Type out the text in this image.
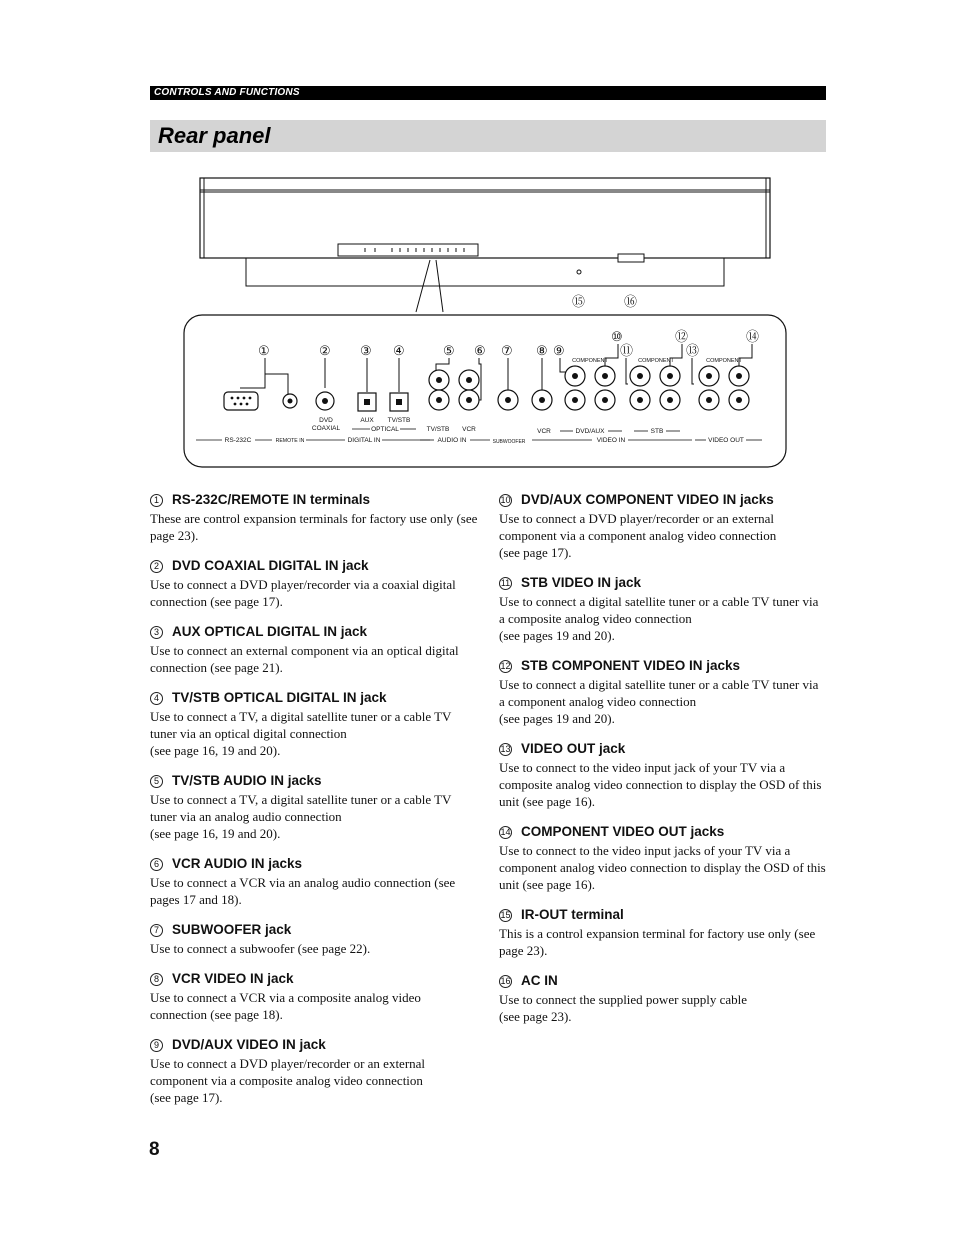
CONTROLS AND FUNCTIONS
Rear panel
⑮	⑯
①	② ③ ④	⑤ ⑥ ⑦ ⑧ ⑨
⑩
⑪
⑫
⑬
⑭
DVD
COAXIAL
AUX TV/STB
OPTICAL	TV/STB VCR	VCR	DVD/AUX	STB
COMPONENT	COMPONENT	COMPONENT
RS-232C	REMOTE IN	DIGITAL IN	AUDIO IN	SUBWOOFER	VIDEO IN	VIDEO OUT
1 RS-232C/REMOTE IN terminals

These are control expansion terminals for factory use only (see page 23).

2 DVD COAXIAL DIGITAL IN jack

Use to connect a DVD player/recorder via a coaxial digital connection (see page 17).

3 AUX OPTICAL DIGITAL IN jack

Use to connect an external component via an optical digital connection (see page 21).

4 TV/STB OPTICAL DIGITAL IN jack

Use to connect a TV, a digital satellite tuner or a cable TV tuner via an optical digital connection
(see page 16, 19 and 20).

5 TV/STB AUDIO IN jacks

Use to connect a TV, a digital satellite tuner or a cable TV tuner via an analog audio connection
(see page 16, 19 and 20).

6 VCR AUDIO IN jacks

Use to connect a VCR via an analog audio connection (see pages 17 and 18).

7 SUBWOOFER jack

Use to connect a subwoofer (see page 22).

8 VCR VIDEO IN jack

Use to connect a VCR via a composite analog video connection (see page 18).

9 DVD/AUX VIDEO IN jack

Use to connect a DVD player/recorder or an external component via a composite analog video connection
(see page 17).

10 DVD/AUX COMPONENT VIDEO IN jacks

Use to connect a DVD player/recorder or an external component via a component analog video connection
(see page 17).

11 STB VIDEO IN jack

Use to connect a digital satellite tuner or a cable TV tuner via a composite analog video connection
(see pages 19 and 20).

12 STB COMPONENT VIDEO IN jacks

Use to connect a digital satellite tuner or a cable TV tuner via a component analog video connection
(see pages 19 and 20).

13 VIDEO OUT jack

Use to connect to the video input jack of your TV via a composite analog video connection to display the OSD of this unit (see page 16).

14 COMPONENT VIDEO OUT jacks

Use to connect to the video input jacks of your TV via a component analog video connection to display the OSD of this unit (see page 16).

15 IR-OUT terminal

This is a control expansion terminal for factory use only (see page 23).

16 AC IN

Use to connect the supplied power supply cable
(see page 23).

8
